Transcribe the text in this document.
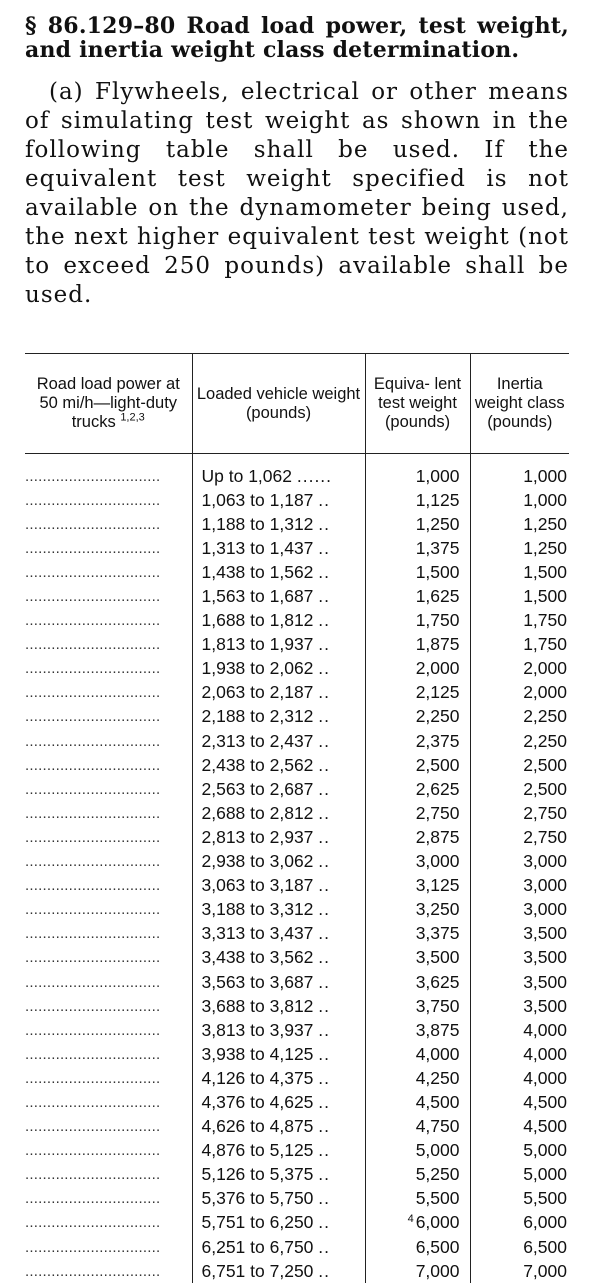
§ 86.129–80 Road load power, test weight, and inertia weight class determination.

(a) Flywheels, electrical or other means of simulating test weight as shown in the following table shall be used. If the equivalent test weight specified is not available on the dynamometer being used, the next higher equivalent test weight (not to exceed 250 pounds) available shall be used.

Road load power at 50 mi/h—light-duty trucks $^{1,2,3}$	Loaded vehicle weight (pounds)	Equiva- lent test weight (pounds)	Inertia weight class (pounds)
...............................	Up to 1,062 ......	1,000	1,000
...............................	1,063 to 1,187 ..	1,125	1,000
...............................	1,188 to 1,312 ..	1,250	1,250
...............................	1,313 to 1,437 ..	1,375	1,250
...............................	1,438 to 1,562 ..	1,500	1,500
...............................	1,563 to 1,687 ..	1,625	1,500
...............................	1,688 to 1,812 ..	1,750	1,750
...............................	1,813 to 1,937 ..	1,875	1,750
...............................	1,938 to 2,062 ..	2,000	2,000
...............................	2,063 to 2,187 ..	2,125	2,000
...............................	2,188 to 2,312 ..	2,250	2,250
...............................	2,313 to 2,437 ..	2,375	2,250
...............................	2,438 to 2,562 ..	2,500	2,500
...............................	2,563 to 2,687 ..	2,625	2,500
...............................	2,688 to 2,812 ..	2,750	2,750
...............................	2,813 to 2,937 ..	2,875	2,750
...............................	2,938 to 3,062 ..	3,000	3,000
...............................	3,063 to 3,187 ..	3,125	3,000
...............................	3,188 to 3,312 ..	3,250	3,000
...............................	3,313 to 3,437 ..	3,375	3,500
...............................	3,438 to 3,562 ..	3,500	3,500
...............................	3,563 to 3,687 ..	3,625	3,500
...............................	3,688 to 3,812 ..	3,750	3,500
...............................	3,813 to 3,937 ..	3,875	4,000
...............................	3,938 to 4,125 ..	4,000	4,000
...............................	4,126 to 4,375 ..	4,250	4,000
...............................	4,376 to 4,625 ..	4,500	4,500
...............................	4,626 to 4,875 ..	4,750	4,500
...............................	4,876 to 5,125 ..	5,000	5,000
...............................	5,126 to 5,375 ..	5,250	5,000
...............................	5,376 to 5,750 ..	5,500	5,500
...............................	5,751 to 6,250 ..	$^4$ 6,000	6,000
...............................	6,251 to 6,750 ..	6,500	6,500
...............................	6,751 to 7,250 ..	7,000	7,000
